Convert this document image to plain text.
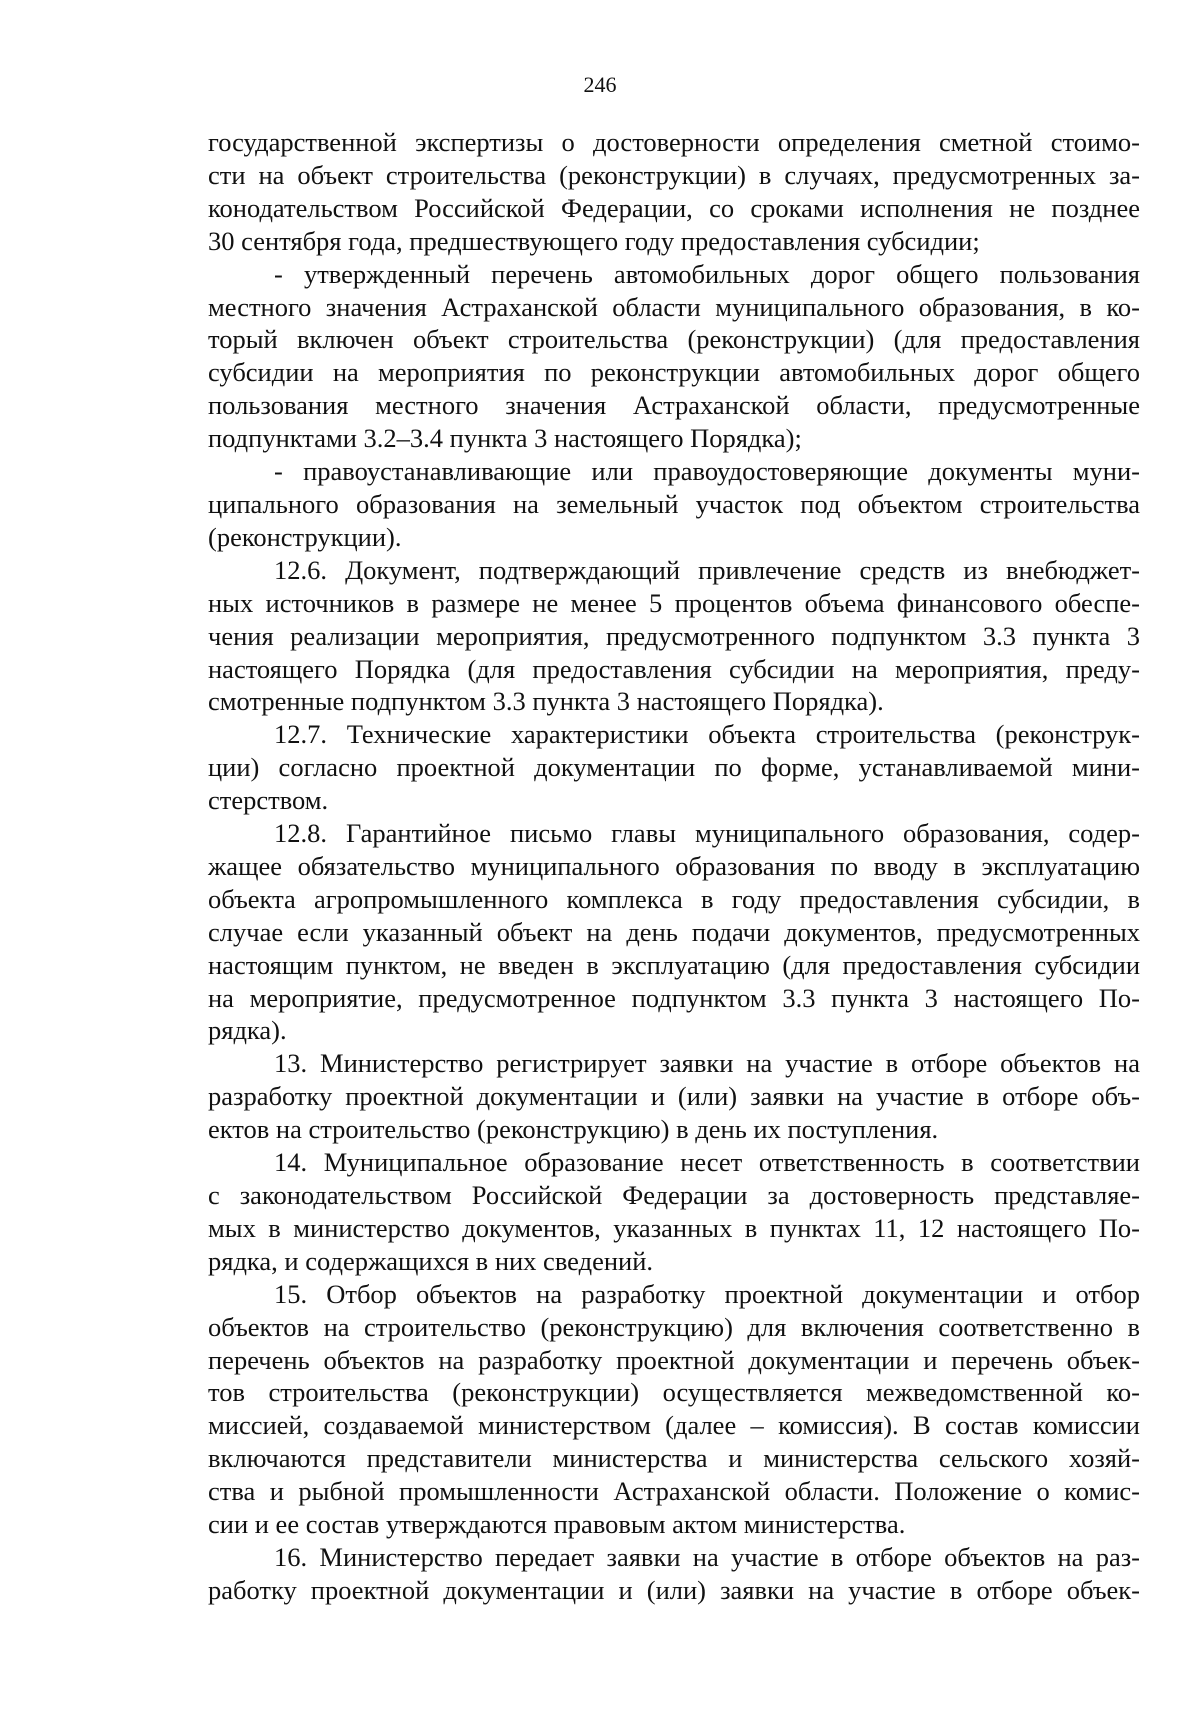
246
государственной экспертизы о достоверности определения сметной стоимо-
сти на объект строительства (реконструкции) в случаях, предусмотренных за-
конодательством Российской Федерации, со сроками исполнения не позднее
30 сентября года, предшествующего году предоставления субсидии;
- утвержденный перечень автомобильных дорог общего пользования
местного значения Астраханской области муниципального образования, в ко-
торый включен объект строительства (реконструкции) (для предоставления
субсидии на мероприятия по реконструкции автомобильных дорог общего
пользования местного значения Астраханской области, предусмотренные
подпунктами 3.2–3.4 пункта 3 настоящего Порядка);
- правоустанавливающие или правоудостоверяющие документы муни-
ципального образования на земельный участок под объектом строительства
(реконструкции).
12.6. Документ, подтверждающий привлечение средств из внебюджет-
ных источников в размере не менее 5 процентов объема финансового обеспе-
чения реализации мероприятия, предусмотренного подпунктом 3.3 пункта 3
настоящего Порядка (для предоставления субсидии на мероприятия, преду-
смотренные подпунктом 3.3 пункта 3 настоящего Порядка).
12.7. Технические характеристики объекта строительства (реконструк-
ции) согласно проектной документации по форме, устанавливаемой мини-
стерством.
12.8. Гарантийное письмо главы муниципального образования, содер-
жащее обязательство муниципального образования по вводу в эксплуатацию
объекта агропромышленного комплекса в году предоставления субсидии, в
случае если указанный объект на день подачи документов, предусмотренных
настоящим пунктом, не введен в эксплуатацию (для предоставления субсидии
на мероприятие, предусмотренное подпунктом 3.3 пункта 3 настоящего По-
рядка).
13. Министерство регистрирует заявки на участие в отборе объектов на
разработку проектной документации и (или) заявки на участие в отборе объ-
ектов на строительство (реконструкцию) в день их поступления.
14. Муниципальное образование несет ответственность в соответствии
с законодательством Российской Федерации за достоверность представляе-
мых в министерство документов, указанных в пунктах 11, 12 настоящего По-
рядка, и содержащихся в них сведений.
15. Отбор объектов на разработку проектной документации и отбор
объектов на строительство (реконструкцию) для включения соответственно в
перечень объектов на разработку проектной документации и перечень объек-
тов строительства (реконструкции) осуществляется межведомственной ко-
миссией, создаваемой министерством (далее – комиссия). В состав комиссии
включаются представители министерства и министерства сельского хозяй-
ства и рыбной промышленности Астраханской области. Положение о комис-
сии и ее состав утверждаются правовым актом министерства.
16. Министерство передает заявки на участие в отборе объектов на раз-
работку проектной документации и (или) заявки на участие в отборе объек-
